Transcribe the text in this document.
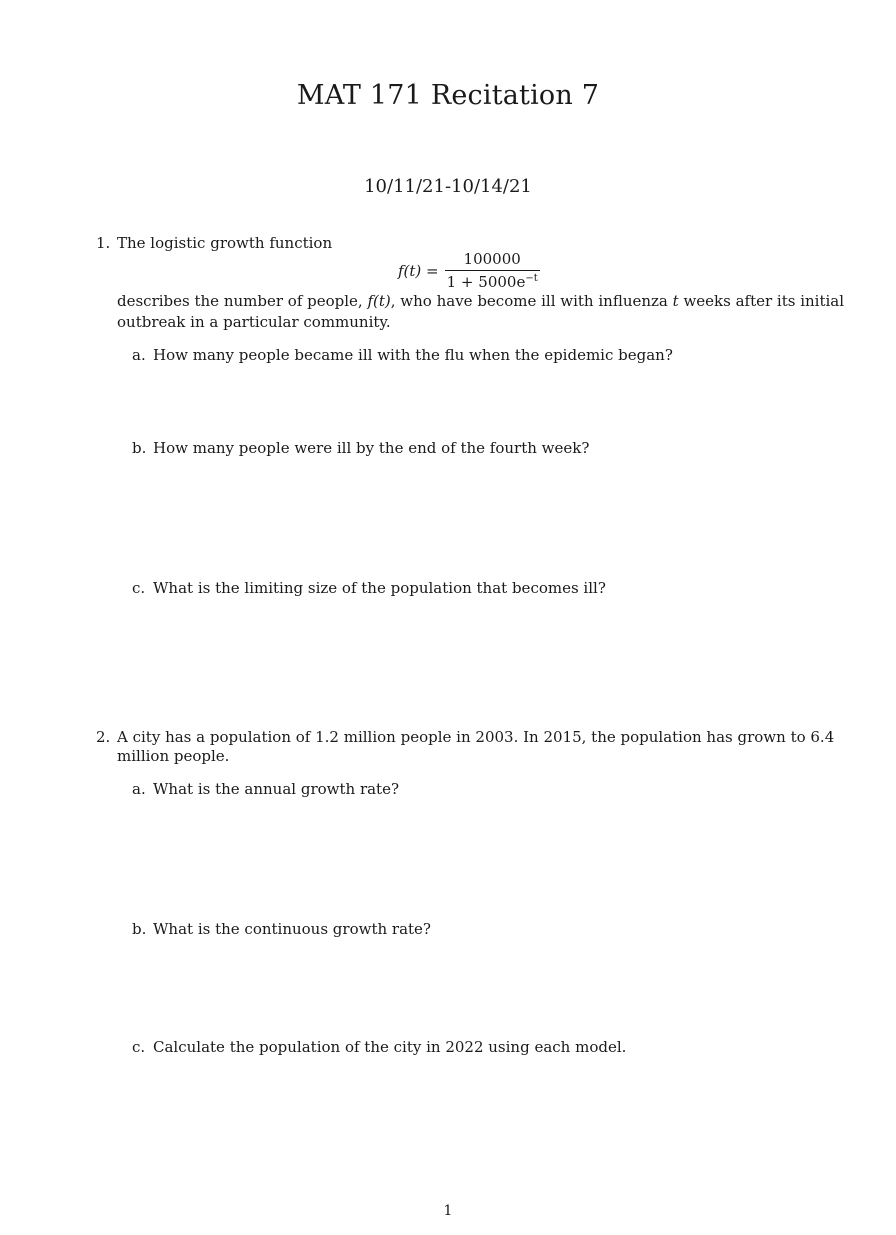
MAT 171 Recitation 7
10/11/21-10/14/21
1. The logistic growth function
$f(t) = \frac{100000}{1 + 5000e^{-t}}$
describes the number of people, f(t), who have become ill with influenza t weeks after its initial
outbreak in a particular community.
a. How many people became ill with the flu when the epidemic began?
b. How many people were ill by the end of the fourth week?
c. What is the limiting size of the population that becomes ill?
2. A city has a population of 1.2 million people in 2003. In 2015, the population has grown to 6.4
million people.
a. What is the annual growth rate?
b. What is the continuous growth rate?
c. Calculate the population of the city in 2022 using each model.
1
